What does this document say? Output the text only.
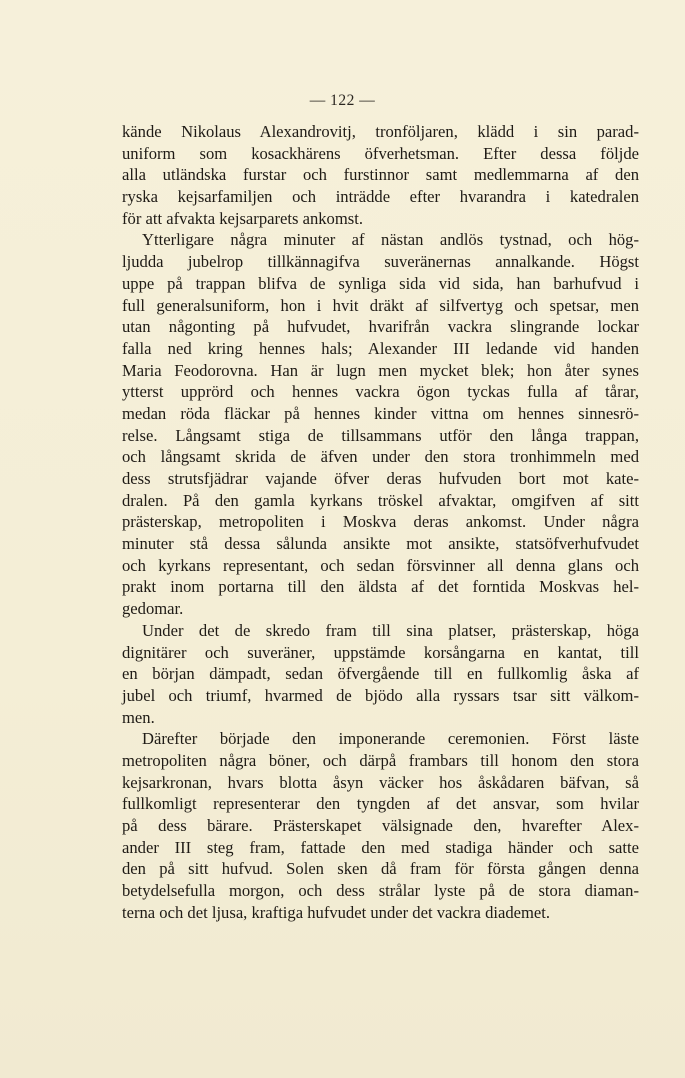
— 122 —
kände Nikolaus Alexandrovitj, tronföljaren, klädd i sin parad-
uniform som kosackhärens öfverhetsman. Efter dessa följde
alla utländska furstar och furstinnor samt medlemmarna af den
ryska kejsarfamiljen och inträdde efter hvarandra i katedralen
för att afvakta kejsarparets ankomst.
Ytterligare några minuter af nästan andlös tystnad, och hög-
ljudda jubelrop tillkännagifva suveränernas annalkande. Högst
uppe på trappan blifva de synliga sida vid sida, han barhufvud i
full generalsuniform, hon i hvit dräkt af silfvertyg och spetsar, men
utan någonting på hufvudet, hvarifrån vackra slingrande lockar
falla ned kring hennes hals; Alexander III ledande vid handen
Maria Feodorovna. Han är lugn men mycket blek; hon åter synes
ytterst upprörd och hennes vackra ögon tyckas fulla af tårar,
medan röda fläckar på hennes kinder vittna om hennes sinnesrö-
relse. Långsamt stiga de tillsammans utför den långa trappan,
och långsamt skrida de äfven under den stora tronhimmeln med
dess strutsfjädrar vajande öfver deras hufvuden bort mot kate-
dralen. På den gamla kyrkans tröskel afvaktar, omgifven af sitt
prästerskap, metropoliten i Moskva deras ankomst. Under några
minuter stå dessa sålunda ansikte mot ansikte, statsöfverhufvudet
och kyrkans representant, och sedan försvinner all denna glans och
prakt inom portarna till den äldsta af det forntida Moskvas hel-
gedomar.
Under det de skredo fram till sina platser, prästerskap, höga
dignitärer och suveräner, uppstämde korsångarna en kantat, till
en början dämpadt, sedan öfvergående till en fullkomlig åska af
jubel och triumf, hvarmed de bjödo alla ryssars tsar sitt välkom-
men.
Därefter började den imponerande ceremonien. Först läste
metropoliten några böner, och därpå frambars till honom den stora
kejsarkronan, hvars blotta åsyn väcker hos åskådaren bäfvan, så
fullkomligt representerar den tyngden af det ansvar, som hvilar
på dess bärare. Prästerskapet välsignade den, hvarefter Alex-
ander III steg fram, fattade den med stadiga händer och satte
den på sitt hufvud. Solen sken då fram för första gången denna
betydelsefulla morgon, och dess strålar lyste på de stora diaman-
terna och det ljusa, kraftiga hufvudet under det vackra diademet.
